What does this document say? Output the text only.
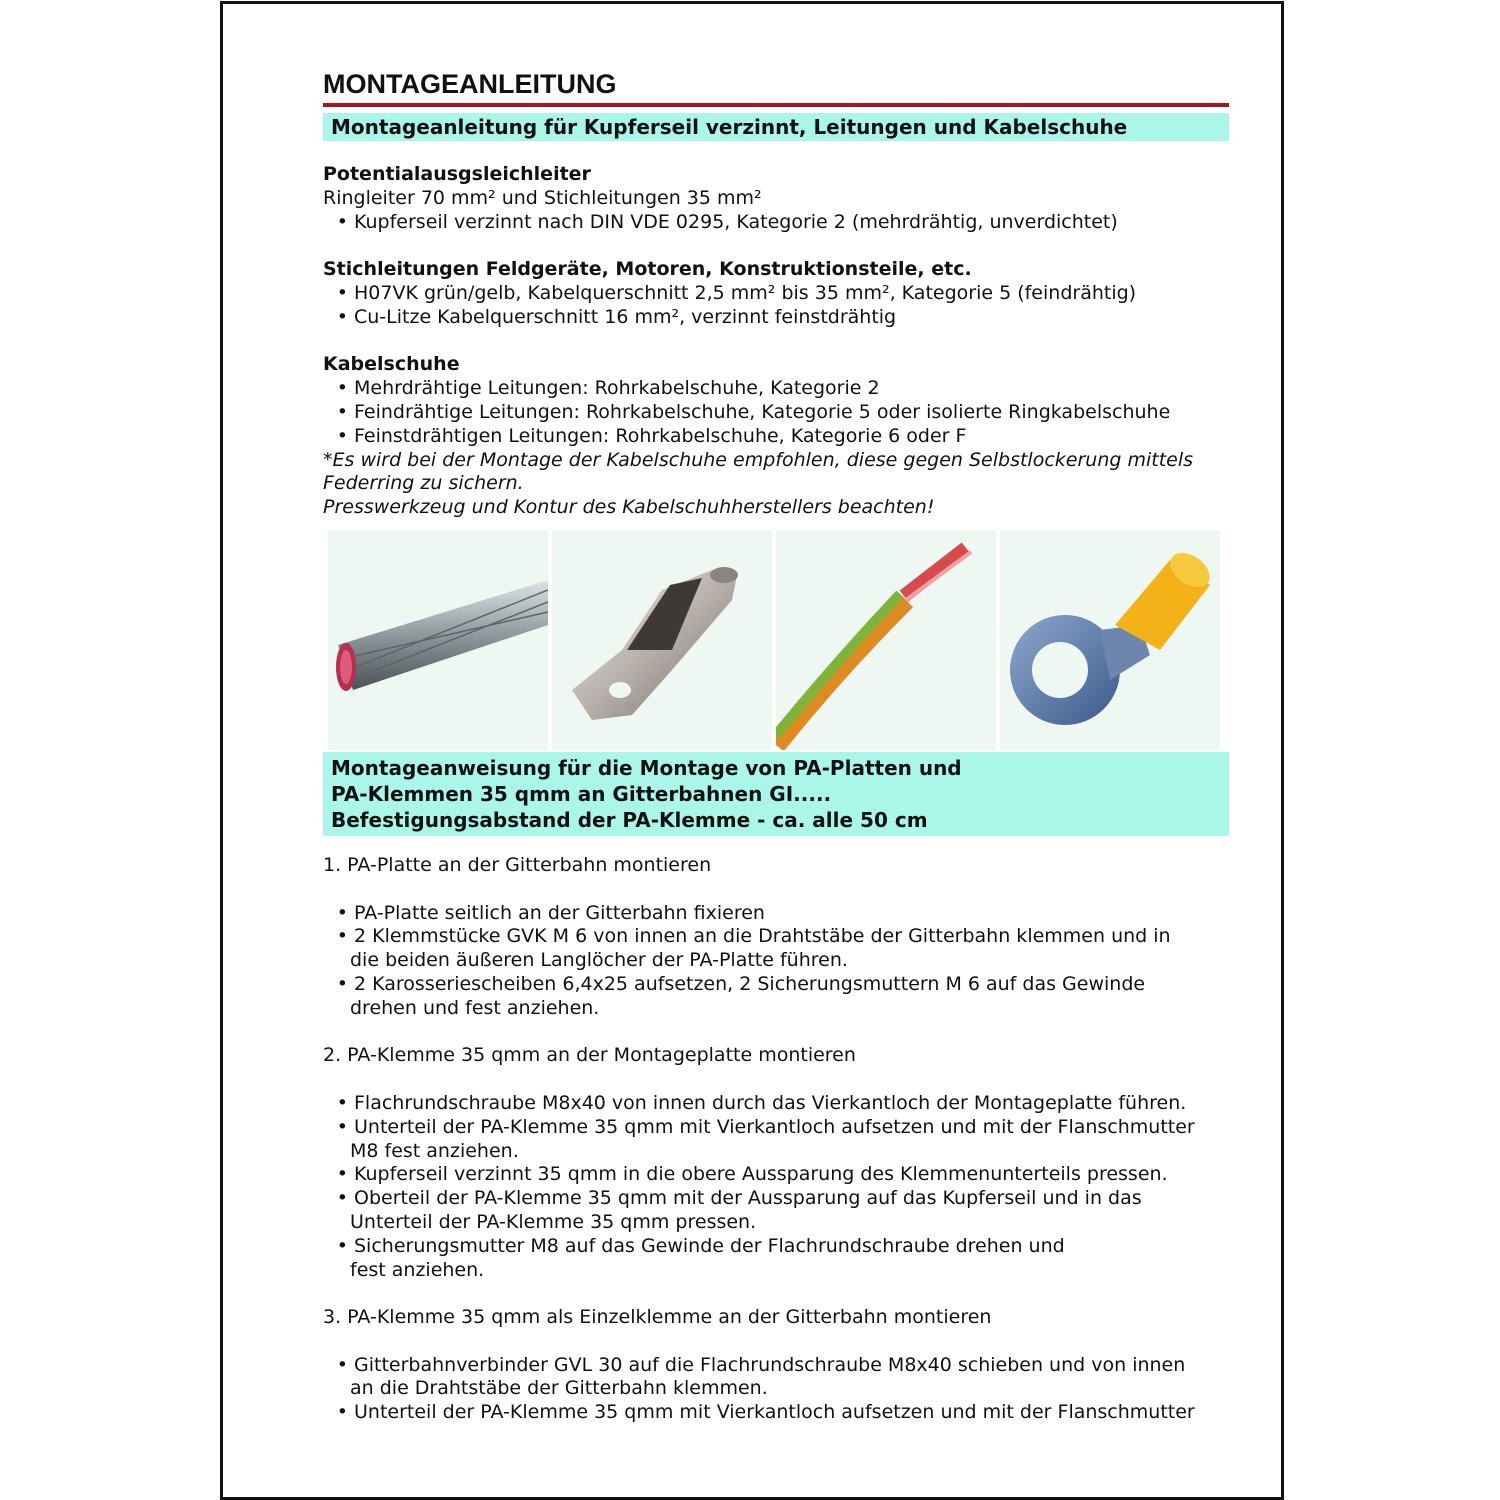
MONTAGEANLEITUNG
Montageanleitung für Kupferseil verzinnt, Leitungen und Kabelschuhe
Potentialausgsleichleiter
Ringleiter 70 mm² und Stichleitungen 35 mm²
• Kupferseil verzinnt nach DIN VDE 0295, Kategorie 2 (mehrdrähtig, unverdichtet)
Stichleitungen Feldgeräte, Motoren, Konstruktionsteile, etc.
• H07VK grün/gelb, Kabelquerschnitt 2,5 mm² bis 35 mm², Kategorie 5 (feindrähtig)
• Cu-Litze Kabelquerschnitt 16 mm², verzinnt feinstdrähtig
Kabelschuhe
• Mehrdrähtige Leitungen: Rohrkabelschuhe, Kategorie 2
• Feindrähtige Leitungen: Rohrkabelschuhe, Kategorie 5 oder isolierte Ringkabelschuhe
• Feinstdrähtigen Leitungen: Rohrkabelschuhe, Kategorie 6 oder F
*Es wird bei der Montage der Kabelschuhe empfohlen, diese gegen Selbstlockerung mittels
Federring zu sichern.
Presswerkzeug und Kontur des Kabelschuhherstellers beachten!
Montageanweisung für die Montage von PA-Platten und
PA-Klemmen 35 qmm an Gitterbahnen GI.....
Befestigungsabstand der PA-Klemme - ca. alle 50 cm
1. PA-Platte an der Gitterbahn montieren
• PA-Platte seitlich an der Gitterbahn fixieren
• 2 Klemmstücke GVK M 6 von innen an die Drahtstäbe der Gitterbahn klemmen und in
die beiden äußeren Langlöcher der PA-Platte führen.
• 2 Karosseriescheiben 6,4x25 aufsetzen, 2 Sicherungsmuttern M 6 auf das Gewinde
drehen und fest anziehen.
2. PA-Klemme 35 qmm an der Montageplatte montieren
• Flachrundschraube M8x40 von innen durch das Vierkantloch der Montageplatte führen.
• Unterteil der PA-Klemme 35 qmm mit Vierkantloch aufsetzen und mit der Flanschmutter
M8 fest anziehen.
• Kupferseil verzinnt 35 qmm in die obere Aussparung des Klemmenunterteils pressen.
• Oberteil der PA-Klemme 35 qmm mit der Aussparung auf das Kupferseil und in das
Unterteil der PA-Klemme 35 qmm pressen.
• Sicherungsmutter M8 auf das Gewinde der Flachrundschraube drehen und
fest anziehen.
3. PA-Klemme 35 qmm als Einzelklemme an der Gitterbahn montieren
• Gitterbahnverbinder GVL 30 auf die Flachrundschraube M8x40 schieben und von innen
an die Drahtstäbe der Gitterbahn klemmen.
• Unterteil der PA-Klemme 35 qmm mit Vierkantloch aufsetzen und mit der Flanschmutter
